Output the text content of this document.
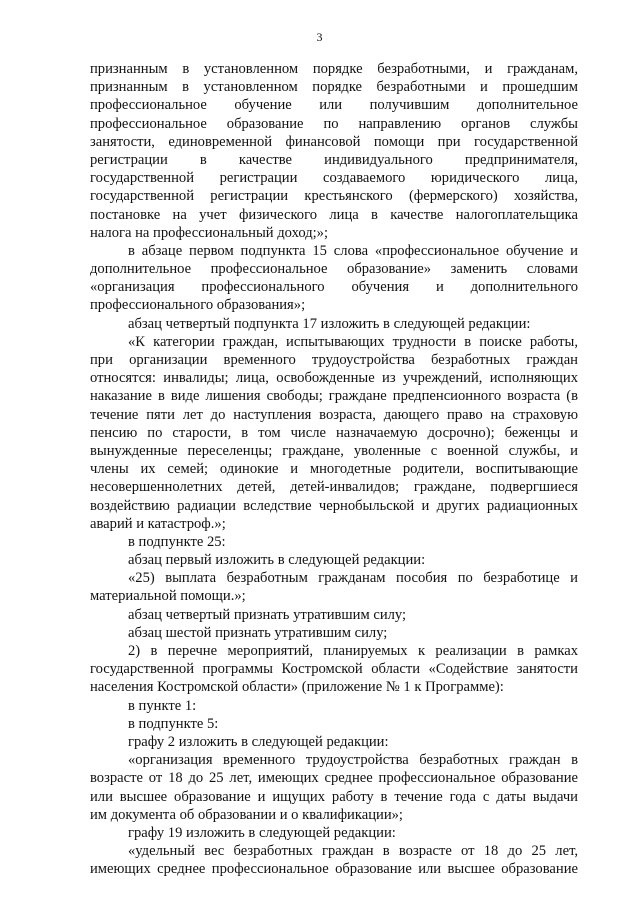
3
признанным в установленном порядке безработными, и гражданам,
признанным в установленном порядке безработными и прошедшим
профессиональное обучение или получившим дополнительное
профессиональное образование по направлению органов службы
занятости, единовременной финансовой помощи при государственной
регистрации в качестве индивидуального предпринимателя,
государственной регистрации создаваемого юридического лица,
государственной регистрации крестьянского (фермерского) хозяйства,
постановке на учет физического лица в качестве налогоплательщика
налога на профессиональный доход;»;
в абзаце первом подпункта 15 слова «профессиональное обучение и
дополнительное профессиональное образование» заменить словами
«организация профессионального обучения и дополнительного
профессионального образования»;
абзац четвертый подпункта 17 изложить в следующей редакции:
«К категории граждан, испытывающих трудности в поиске работы,
при организации временного трудоустройства безработных граждан
относятся: инвалиды; лица, освобожденные из учреждений, исполняющих
наказание в виде лишения свободы; граждане предпенсионного возраста (в
течение пяти лет до наступления возраста, дающего право на страховую
пенсию по старости, в том числе назначаемую досрочно); беженцы и
вынужденные переселенцы; граждане, уволенные с военной службы, и
члены их семей; одинокие и многодетные родители, воспитывающие
несовершеннолетних детей, детей-инвалидов; граждане, подвергшиеся
воздействию радиации вследствие чернобыльской и других радиационных
аварий и катастроф.»;
в подпункте 25:
абзац первый изложить в следующей редакции:
«25) выплата безработным гражданам пособия по безработице и
материальной помощи.»;
абзац четвертый признать утратившим силу;
абзац шестой признать утратившим силу;
2) в перечне мероприятий, планируемых к реализации в рамках
государственной программы Костромской области «Содействие занятости
населения Костромской области» (приложение № 1 к Программе):
в пункте 1:
в подпункте 5:
графу 2 изложить в следующей редакции:
«организация временного трудоустройства безработных граждан в
возрасте от 18 до 25 лет, имеющих среднее профессиональное образование
или высшее образование и ищущих работу в течение года с даты выдачи
им документа об образовании и о квалификации»;
графу 19 изложить в следующей редакции:
«удельный вес безработных граждан в возрасте от 18 до 25 лет,
имеющих среднее профессиональное образование или высшее образование
